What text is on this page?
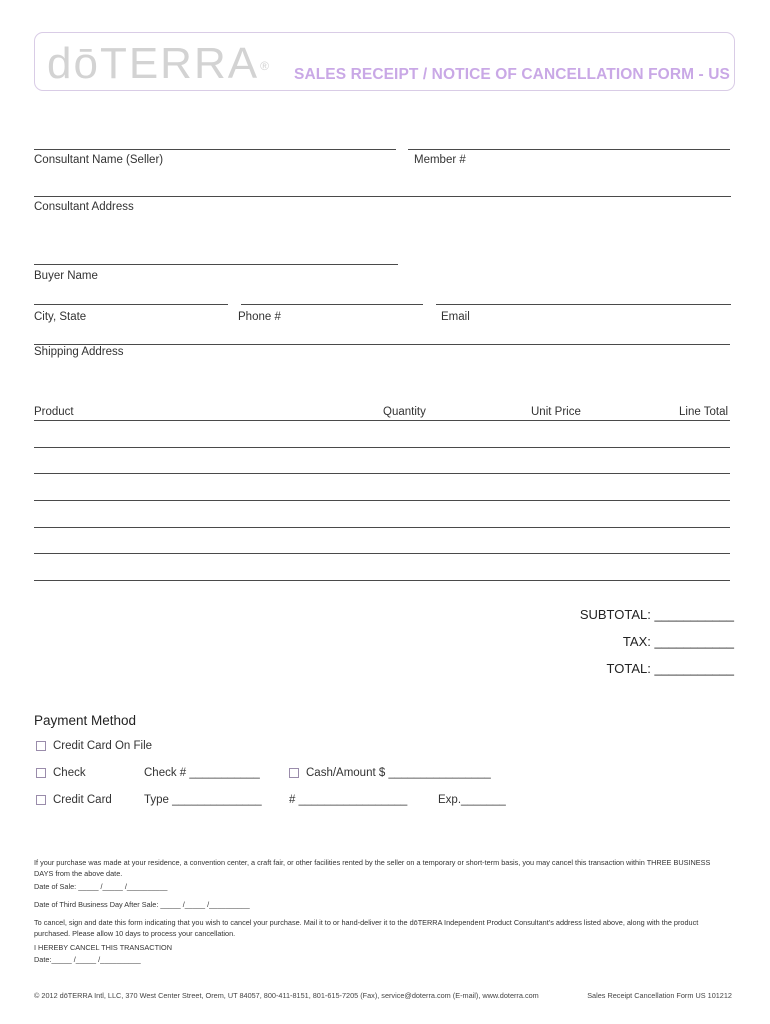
dōTERRA® SALES RECEIPT / NOTICE OF CANCELLATION FORM - US
Consultant Name (Seller)	Member #
Consultant Address
Buyer Name
City, State	Phone #	Email
Shipping Address
Product	Quantity	Unit Price	Line Total
SUBTOTAL: ___________
TAX: ___________
TOTAL: ___________
Payment Method
Credit Card On File
Check	Check # ___________	Cash/Amount $ ________________
Credit Card	Type ______________ # _________________	Exp._______
If your purchase was made at your residence, a convention center, a craft fair, or other facilities rented by the seller on a temporary or short-term basis, you may cancel this transaction within THREE BUSINESS DAYS from the above date.
Date of Sale: _____ /_____ /__________
Date of Third Business Day After Sale: _____ /_____ /__________
To cancel, sign and date this form indicating that you wish to cancel your purchase. Mail it to or hand-deliver it to the dōTERRA Independent Product Consultant’s address listed above, along with the product purchased. Please allow 10 days to process your cancellation.
I HEREBY CANCEL THIS TRANSACTION
Date:_____ /_____ /__________
© 2012 dōTERRA Intl, LLC, 370 West Center Street, Orem, UT 84057, 800-411-8151, 801-615-7205 (Fax), service@doterra.com (E-mail), www.doterra.com	Sales Receipt Cancellation Form US 101212
